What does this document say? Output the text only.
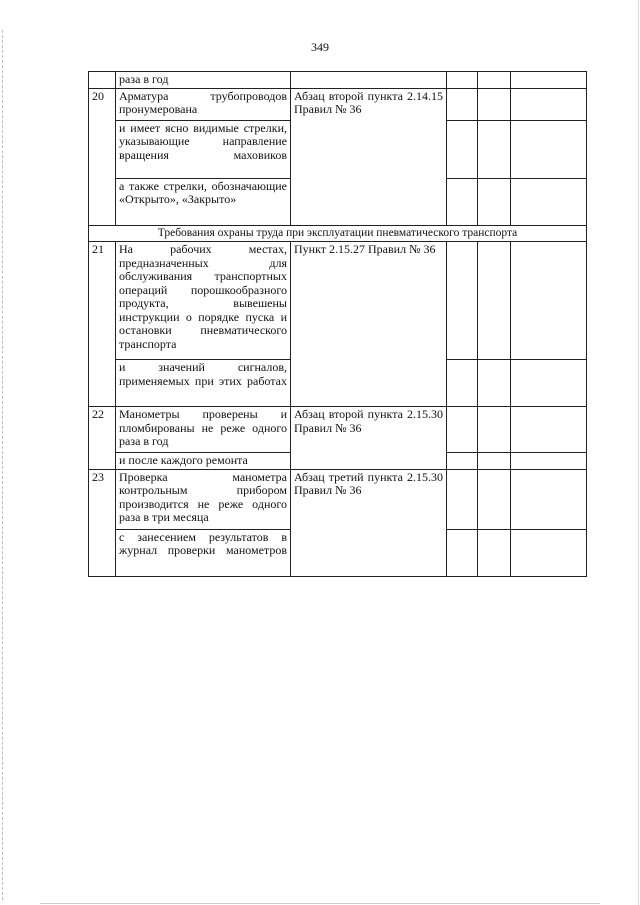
349
	раза в год				
20	Арматура трубопроводов пронумерована	Абзац второй пункта 2.14.15 Правил № 36			
	и имеет ясно видимые стрелки, указывающие направление вращения маховиков				
	а также стрелки, обозначающие «Открыто», «Закрыто»				
Требования охраны труда при эксплуатации пневматического транспорта					
21	На рабочих местах, предназначенных для обслуживания транспортных операций порошкообразного продукта, вывешены инструкции о порядке пуска и остановки пневматического транспорта	Пункт 2.15.27 Правил № 36			
	и значений сигналов, применяемых при этих работах				
22	Манометры проверены и пломбированы не реже одного раза в год	Абзац второй пункта 2.15.30 Правил № 36			
	и после каждого ремонта				
23	Проверка манометра контрольным прибором производится не реже одного раза в три месяца	Абзац третий пункта 2.15.30 Правил № 36			
	с занесением результатов в журнал проверки манометров				
